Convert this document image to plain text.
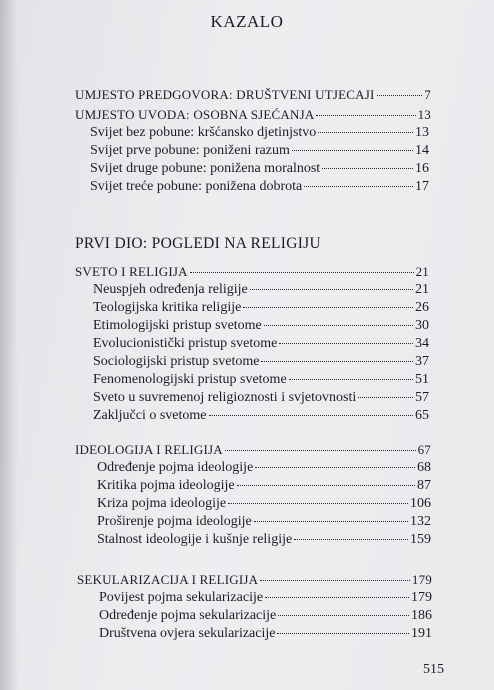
KAZALO
UMJESTO PREDGOVORA: DRUŠTVENI UTJECAJI	7
UMJESTO UVODA: OSOBNA SJEĆANJA	13
Svijet bez pobune: kršćansko djetinjstvo	13
Svijet prve pobune: poniženi razum	14
Svijet druge pobune: ponižena moralnost	16
Svijet treće pobune: ponižena dobrota	17
PRVI DIO: POGLEDI NA RELIGIJU
SVETO I RELIGIJA	21
Neuspjeh određenja religije	21
Teologijska kritika religije	26
Etimologijski pristup svetome	30
Evolucionistički pristup svetome	34
Sociologijski pristup svetome	37
Fenomenologijski pristup svetome	51
Sveto u suvremenoj religioznosti i svjetovnosti	57
Zaključci o svetome	65
IDEOLOGIJA I RELIGIJA	67
Određenje pojma ideologije	68
Kritika pojma ideologije	87
Kriza pojma ideologije	106
Proširenje pojma ideologije	132
Stalnost ideologije i kušnje religije	159
SEKULARIZACIJA I RELIGIJA	179
Povijest pojma sekularizacije	179
Određenje pojma sekularizacije	186
Društvena ovjera sekularizacije	191
515
